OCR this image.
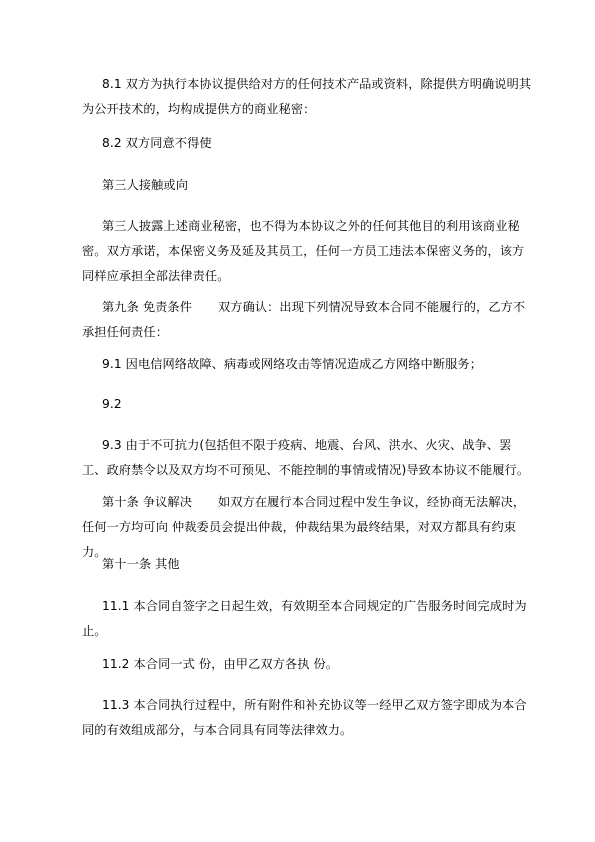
8.1 双方为执行本协议提供给对方的任何技术产品或资料，除提供方明确说明其为公开技术的，均构成提供方的商业秘密：

8.2 双方同意不得使

第三人接触或向

第三人披露上述商业秘密，也不得为本协议之外的任何其他目的利用该商业秘密。双方承诺，本保密义务及延及其员工，任何一方员工违法本保密义务的，该方同样应承担全部法律责任。

第九条 免责条件 双方确认：出现下列情况导致本合同不能履行的，乙方不承担任何责任：

9.1 因电信网络故障、病毒或网络攻击等情况造成乙方网络中断服务；

9.2

9.3 由于不可抗力(包括但不限于疫病、地震、台风、洪水、火灾、战争、罢工、政府禁令以及双方均不可预见、不能控制的事情或情况)导致本协议不能履行。

第十条 争议解决 如双方在履行本合同过程中发生争议，经协商无法解决，任何一方均可向 仲裁委员会提出仲裁，仲裁结果为最终结果，对双方都具有约束力。

第十一条 其他

11.1 本合同自签字之日起生效，有效期至本合同规定的广告服务时间完成时为止。

11.2 本合同一式 份，由甲乙双方各执 份。

11.3 本合同执行过程中，所有附件和补充协议等一经甲乙双方签字即成为本合同的有效组成部分，与本合同具有同等法律效力。
